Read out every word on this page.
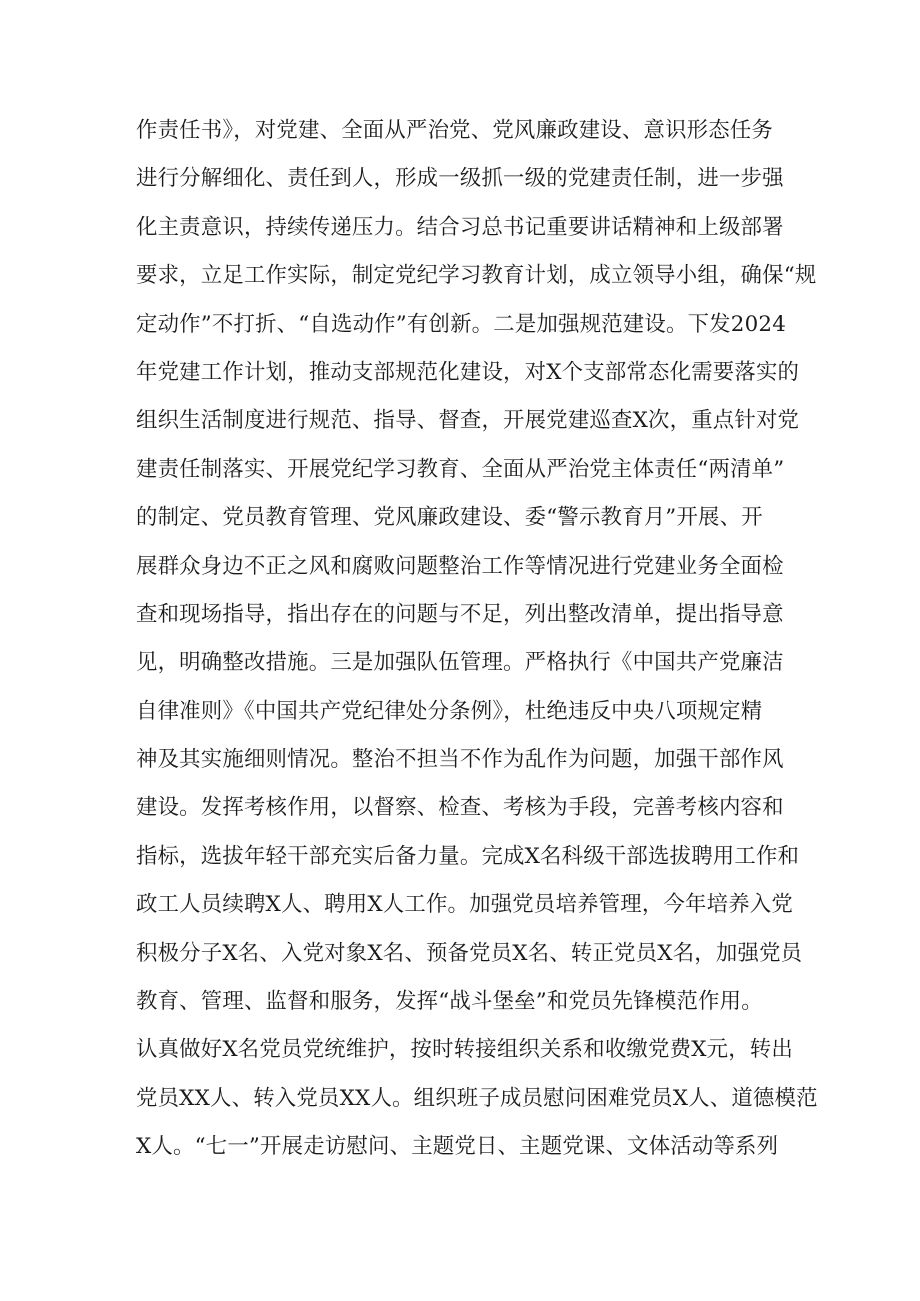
作责任书》，对党建、全面从严治党、党风廉政建设、意识形态任务
进行分解细化、责任到人，形成一级抓一级的党建责任制，进一步强
化主责意识，持续传递压力。结合习总书记重要讲话精神和上级部署
要求，立足工作实际，制定党纪学习教育计划，成立领导小组，确保“规
定动作”不打折、“自选动作”有创新。二是加强规范建设。下发2024
年党建工作计划，推动支部规范化建设，对X个支部常态化需要落实的
组织生活制度进行规范、指导、督查，开展党建巡查X次，重点针对党
建责任制落实、开展党纪学习教育、全面从严治党主体责任“两清单”
的制定、党员教育管理、党风廉政建设、委“警示教育月”开展、开
展群众身边不正之风和腐败问题整治工作等情况进行党建业务全面检
查和现场指导，指出存在的问题与不足，列出整改清单，提出指导意
见，明确整改措施。三是加强队伍管理。严格执行《中国共产党廉洁
自律准则》《中国共产党纪律处分条例》，杜绝违反中央八项规定精
神及其实施细则情况。整治不担当不作为乱作为问题，加强干部作风
建设。发挥考核作用，以督察、检查、考核为手段，完善考核内容和
指标，选拔年轻干部充实后备力量。完成X名科级干部选拔聘用工作和
政工人员续聘X人、聘用X人工作。加强党员培养管理，今年培养入党
积极分子X名、入党对象X名、预备党员X名、转正党员X名，加强党员
教育、管理、监督和服务，发挥“战斗堡垒”和党员先锋模范作用。
认真做好X名党员党统维护，按时转接组织关系和收缴党费X元，转出
党员XX人、转入党员XX人。组织班子成员慰问困难党员X人、道德模范
X人。“七一”开展走访慰问、主题党日、主题党课、文体活动等系列
